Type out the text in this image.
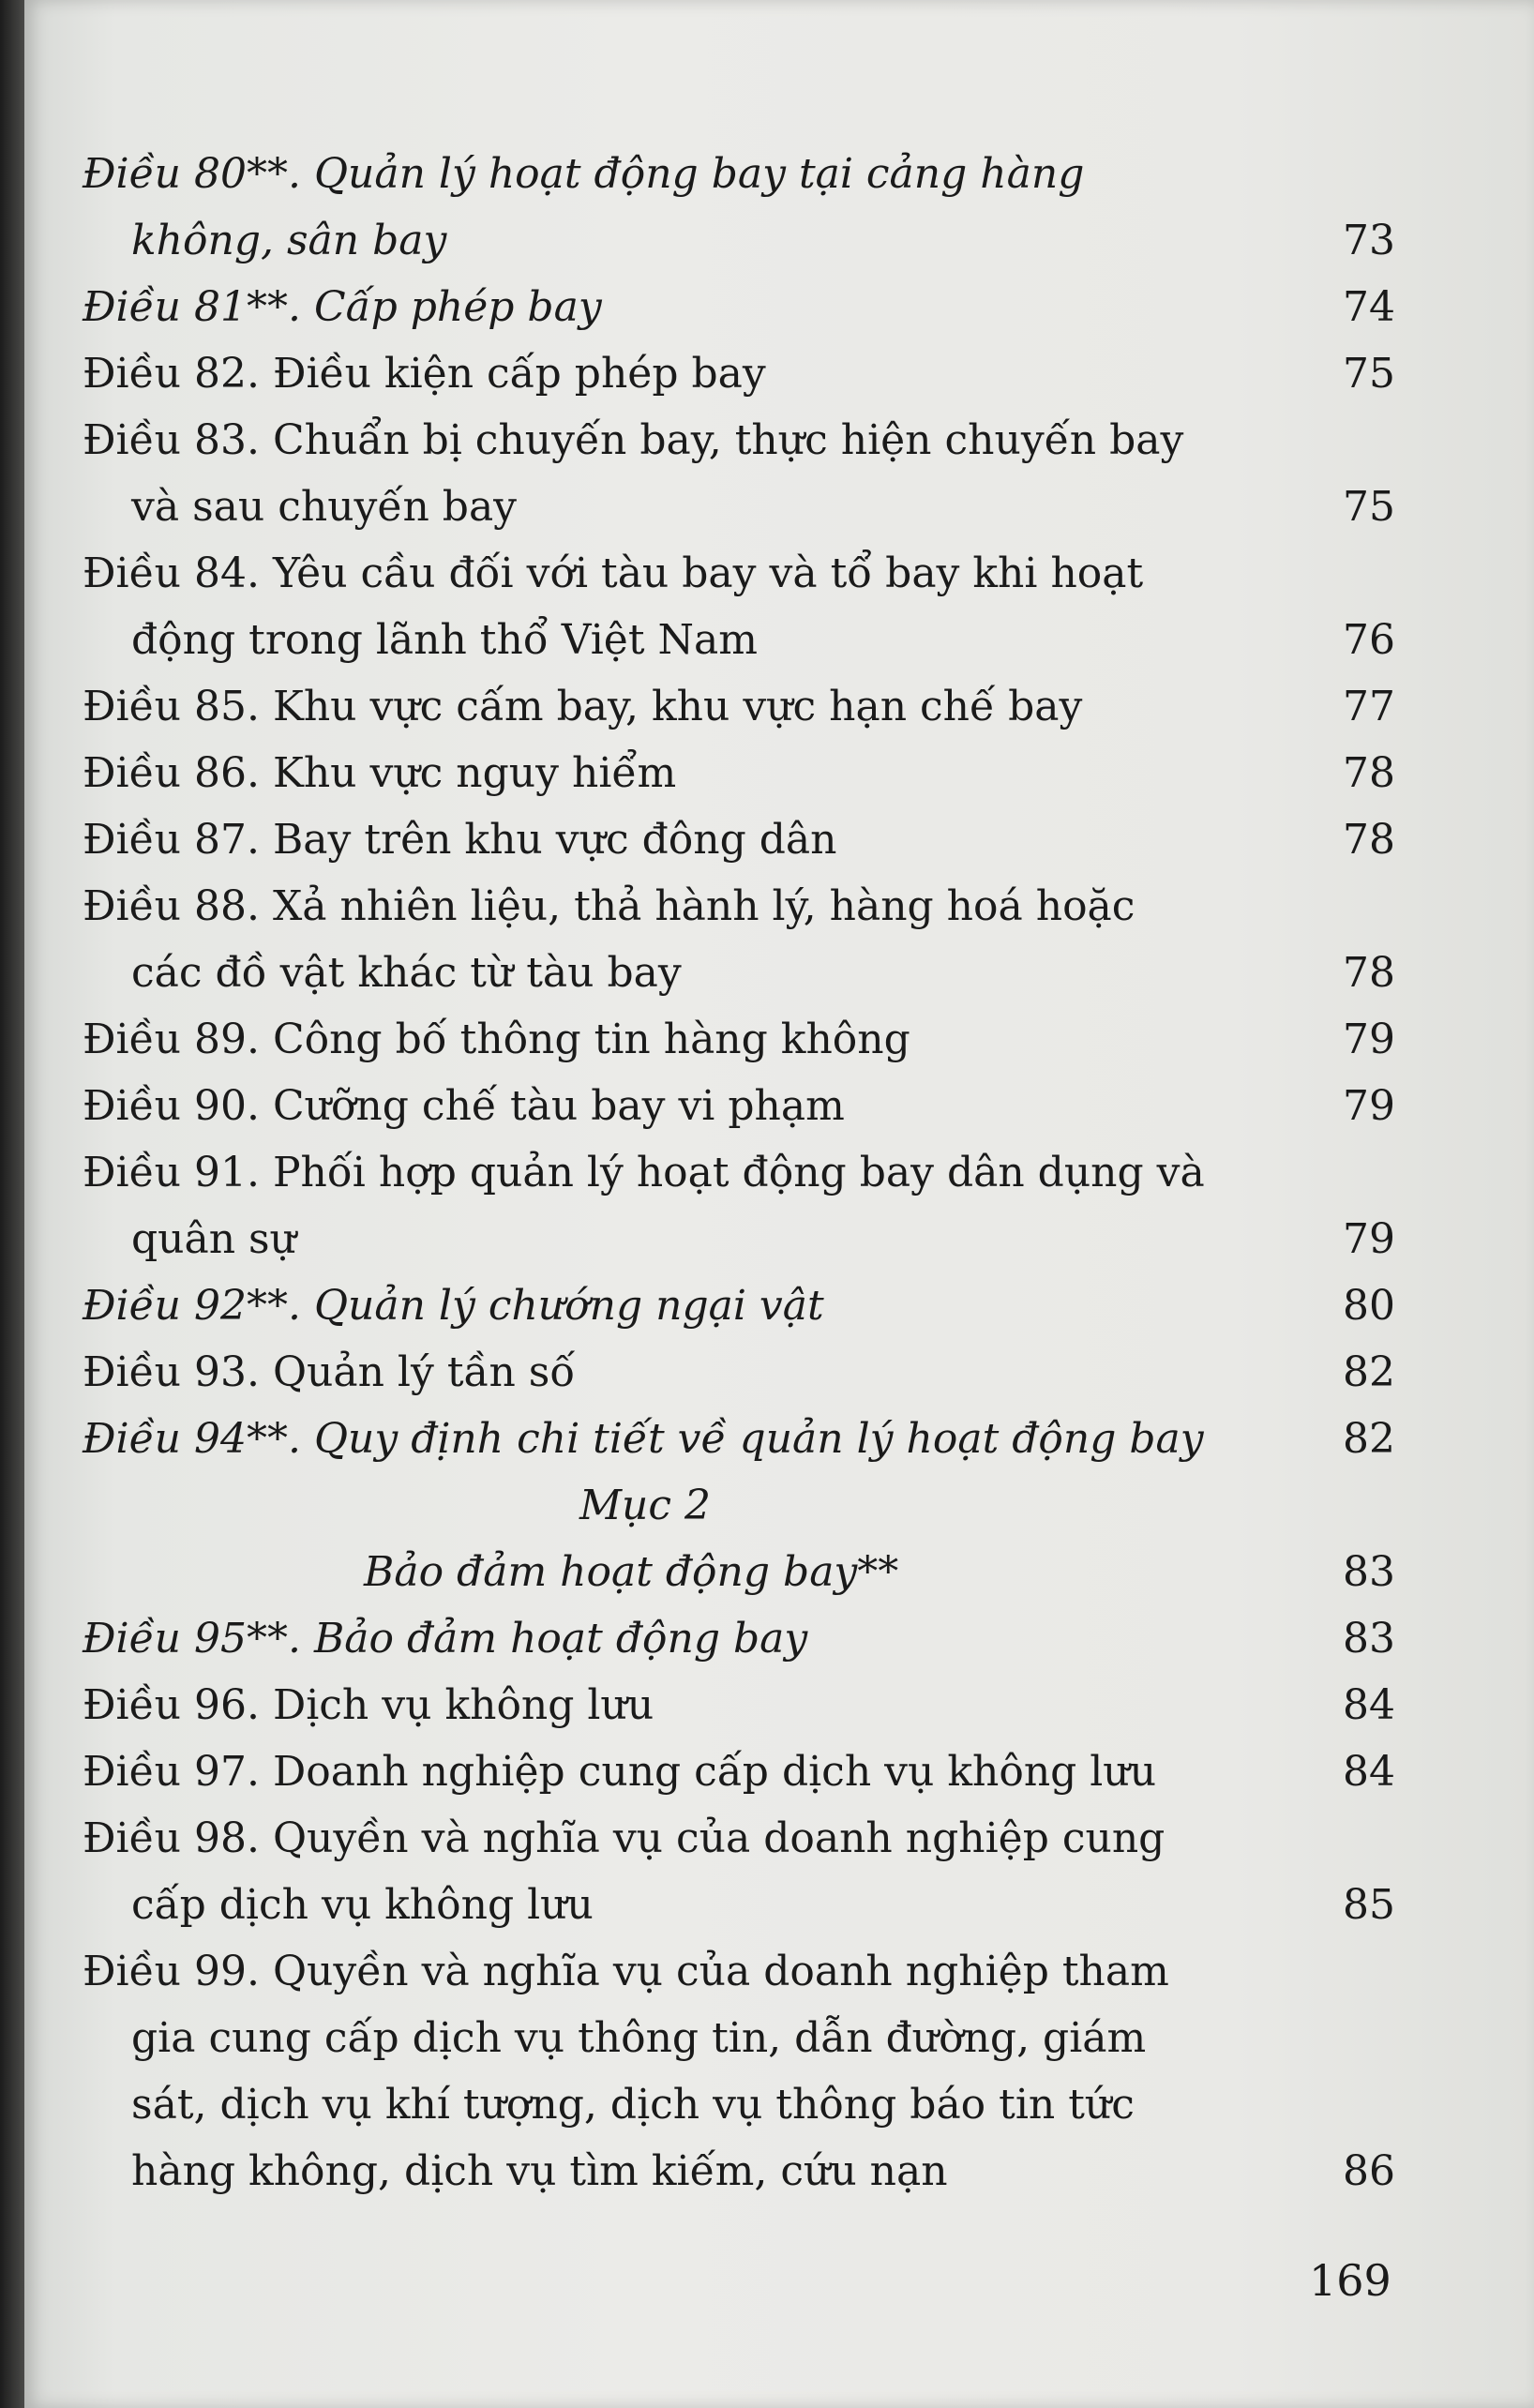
Điều 80**. Quản lý hoạt động bay tại cảng hàng
không, sân bay	73
Điều 81**. Cấp phép bay	74
Điều 82. Điều kiện cấp phép bay	75
Điều 83. Chuẩn bị chuyến bay, thực hiện chuyến bay
và sau chuyến bay	75
Điều 84. Yêu cầu đối với tàu bay và tổ bay khi hoạt
động trong lãnh thổ Việt Nam	76
Điều 85. Khu vực cấm bay, khu vực hạn chế bay	77
Điều 86. Khu vực nguy hiểm	78
Điều 87. Bay trên khu vực đông dân	78
Điều 88. Xả nhiên liệu, thả hành lý, hàng hoá hoặc
các đồ vật khác từ tàu bay	78
Điều 89. Công bố thông tin hàng không	79
Điều 90. Cưỡng chế tàu bay vi phạm	79
Điều 91. Phối hợp quản lý hoạt động bay dân dụng và
quân sự	79
Điều 92**. Quản lý chướng ngại vật	80
Điều 93. Quản lý tần số	82
Điều 94**. Quy định chi tiết về quản lý hoạt động bay	82
Mục 2
Bảo đảm hoạt động bay**	83
Điều 95**. Bảo đảm hoạt động bay	83
Điều 96. Dịch vụ không lưu	84
Điều 97. Doanh nghiệp cung cấp dịch vụ không lưu	84
Điều 98. Quyền và nghĩa vụ của doanh nghiệp cung
cấp dịch vụ không lưu	85
Điều 99. Quyền và nghĩa vụ của doanh nghiệp tham
gia cung cấp dịch vụ thông tin, dẫn đường, giám
sát, dịch vụ khí tượng, dịch vụ thông báo tin tức
hàng không, dịch vụ tìm kiếm, cứu nạn	86
169
